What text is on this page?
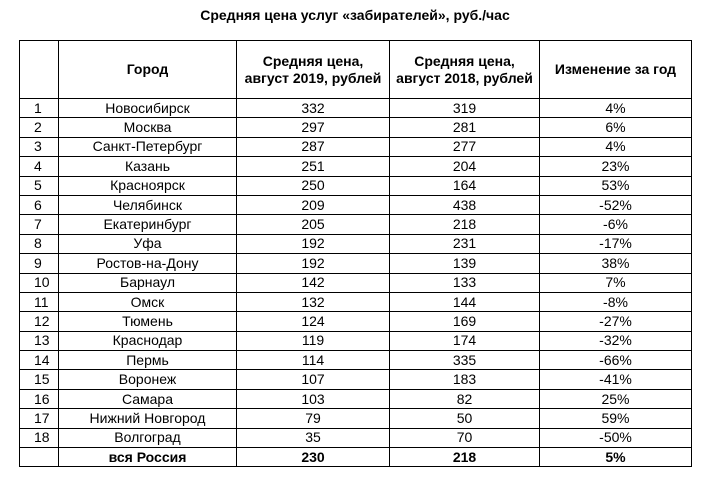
Средняя цена услуг «забирателей», руб./час
	Город	Средняя цена, август 2019, рублей	Средняя цена, август 2018, рублей	Изменение за год
1	Новосибирск	332	319	4%
2	Москва	297	281	6%
3	Санкт-Петербург	287	277	4%
4	Казань	251	204	23%
5	Красноярск	250	164	53%
6	Челябинск	209	438	-52%
7	Екатеринбург	205	218	-6%
8	Уфа	192	231	-17%
9	Ростов-на-Дону	192	139	38%
10	Барнаул	142	133	7%
11	Омск	132	144	-8%
12	Тюмень	124	169	-27%
13	Краснодар	119	174	-32%
14	Пермь	114	335	-66%
15	Воронеж	107	183	-41%
16	Самара	103	82	25%
17	Нижний Новгород	79	50	59%
18	Волгоград	35	70	-50%
	вся Россия	230	218	5%
